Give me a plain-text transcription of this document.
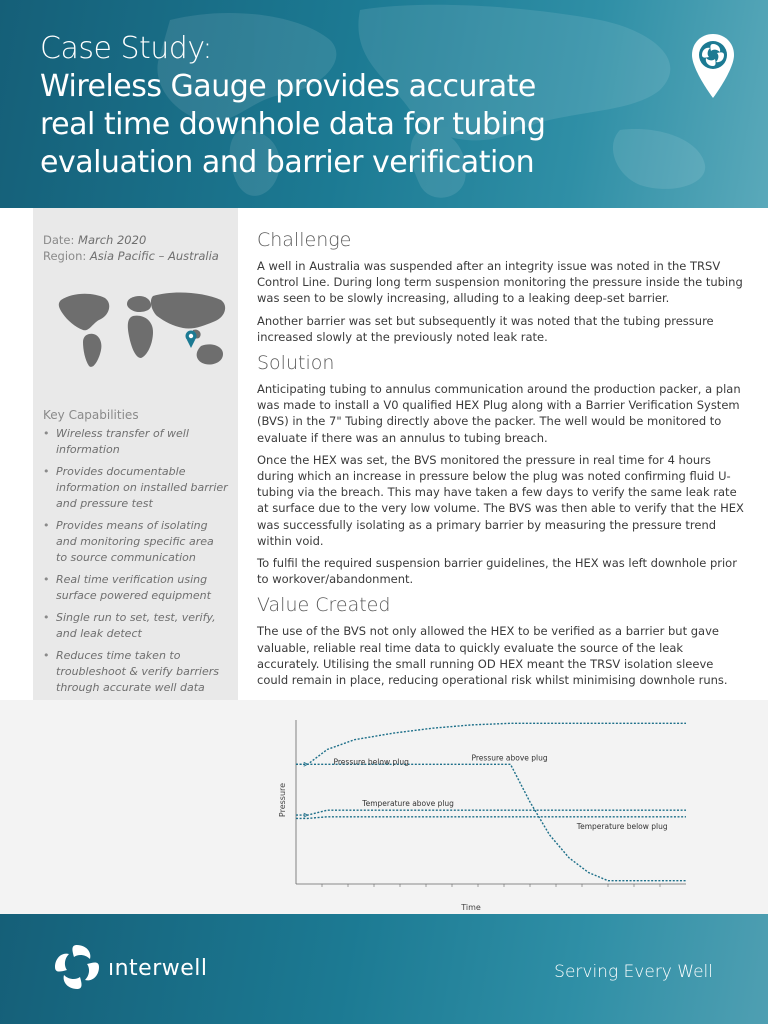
Case Study:
Wireless Gauge provides accurate
real time downhole data for tubing
evaluation and barrier verification
Date: March 2020
Region: Asia Pacific – Australia
Key Capabilities
• Wireless transfer of well information
• Provides documentable information on installed barrier and pressure test
• Provides means of isolating and monitoring specific area to source communication
• Real time verification using surface powered equipment
• Single run to set, test, verify, and leak detect
• Reduces time taken to troubleshoot & verify barriers through accurate well data
Challenge

A well in Australia was suspended after an integrity issue was noted in the TRSV Control Line. During long term suspension monitoring the pressure inside the tubing was seen to be slowly increasing, alluding to a leaking deep-set barrier.

Another barrier was set but subsequently it was noted that the tubing pressure increased slowly at the previously noted leak rate.

Solution

Anticipating tubing to annulus communication around the production packer, a plan was made to install a V0 qualified HEX Plug along with a Barrier Verification System (BVS) in the 7" Tubing directly above the packer. The well would be monitored to evaluate if there was an annulus to tubing breach.

Once the HEX was set, the BVS monitored the pressure in real time for 4 hours during which an increase in pressure below the plug was noted confirming fluid U-tubing via the breach. This may have taken a few days to verify the same leak rate at surface due to the very low volume. The BVS was then able to verify that the HEX was successfully isolating as a primary barrier by measuring the pressure trend within void.

To fulfil the required suspension barrier guidelines, the HEX was left downhole prior to workover/abandonment.

Value Created

The use of the BVS not only allowed the HEX to be verified as a barrier but gave valuable, reliable real time data to quickly evaluate the source of the leak accurately. Utilising the small running OD HEX meant the TRSV isolation sleeve could remain in place, reducing operational risk whilst minimising downhole runs.

Pressure below plug	Pressure above plug
Temperature above plug
Temperature below plug
Time
Pressure
ınterwell	Serving Every Well
